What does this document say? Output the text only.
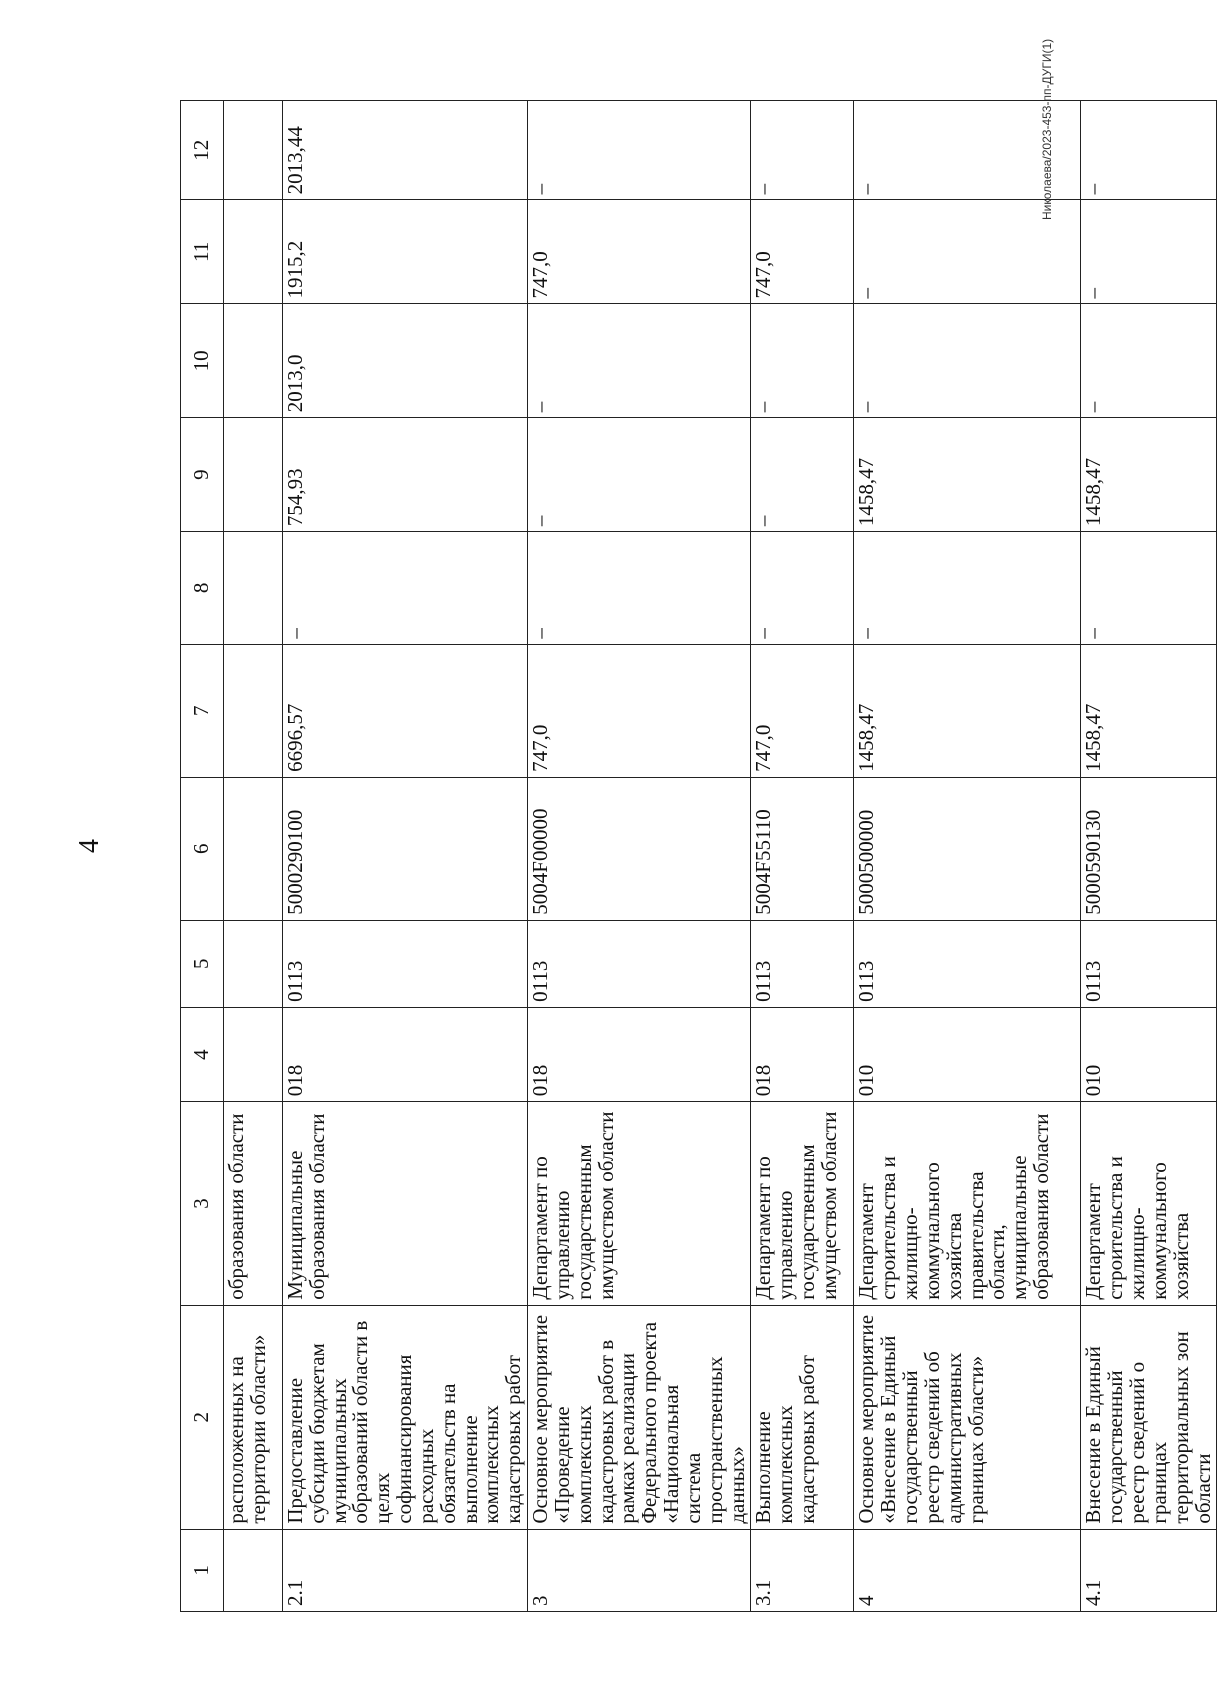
4
Николаева/2023-453-пп-ДУГИ(1)
1	2	3	4	5	6	7	8	9	10	11	12
	расположенных на территории области»	образования области									
2.1	Предоставление субсидии бюджетам муниципальных образований области в целях софинансирования расходных обязательств на выполнение комплексных кадастровых работ	Муниципальные образования области	018	0113	5000290100	6696,57	–	754,93	2013,0	1915,2	2013,44
3	Основное мероприятие «Проведение комплексных кадастровых работ в рамках реализации Федерального проекта «Национальная система пространственных данных»	Департамент по управлению государственным имуществом области	018	0113	5004F00000	747,0	–	–	–	747,0	–
3.1	Выполнение комплексных кадастровых работ	Департамент по управлению государственным имуществом области	018	0113	5004F55110	747,0	–	–	–	747,0	–
4	Основное мероприятие «Внесение в Единый государственный реестр сведений об административных границах области»	Департамент строительства и жилищно-коммунального хозяйства правительства области, муниципальные образования области	010	0113	5000500000	1458,47	–	1458,47	–	–	–
4.1	Внесение в Единый государственный реестр сведений о границах территориальных зон области	Департамент строительства и жилищно-коммунального хозяйства	010	0113	5000590130	1458,47	–	1458,47	–	–	–
